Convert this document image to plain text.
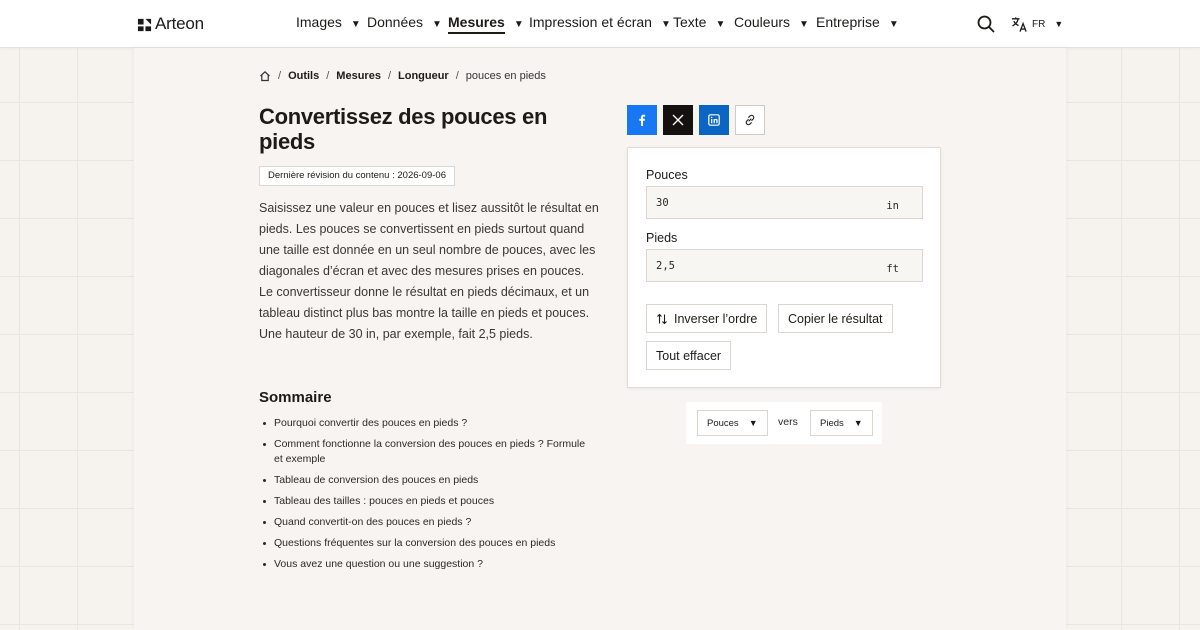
Arteon	Images ▼ Données ▼ Mesures ▼ Impression et écran ▼ Texte ▼ Couleurs ▼ Entreprise ▼	FR ▼
/ Outils / Mesures / Longueur / pouces en pieds
Convertissez des pouces en pieds
Dernière révision du contenu : 2026-09-06

Saisissez une valeur en pouces et lisez aussitôt le résultat en pieds. Les pouces se convertissent en pieds surtout quand une taille est donnée en un seul nombre de pouces, avec les diagonales d’écran et avec des mesures prises en pouces. Le convertisseur donne le résultat en pieds décimaux, et un tableau distinct plus bas montre la taille en pieds et pouces. Une hauteur de 30 in, par exemple, fait 2,5 pieds.

Sommaire
Pourquoi convertir des pouces en pieds ?
Comment fonctionne la conversion des pouces en pieds ? Formule et exemple
Tableau de conversion des pouces en pieds
Tableau des tailles : pouces en pieds et pouces
Quand convertit-on des pouces en pieds ?
Questions fréquentes sur la conversion des pouces en pieds
Vous avez une question ou une suggestion ?
Pouces
30	in
Pieds
2,5	ft
Inverser l’ordre Copier le résultat
Tout effacer
Pouces ▼ vers Pieds ▼
